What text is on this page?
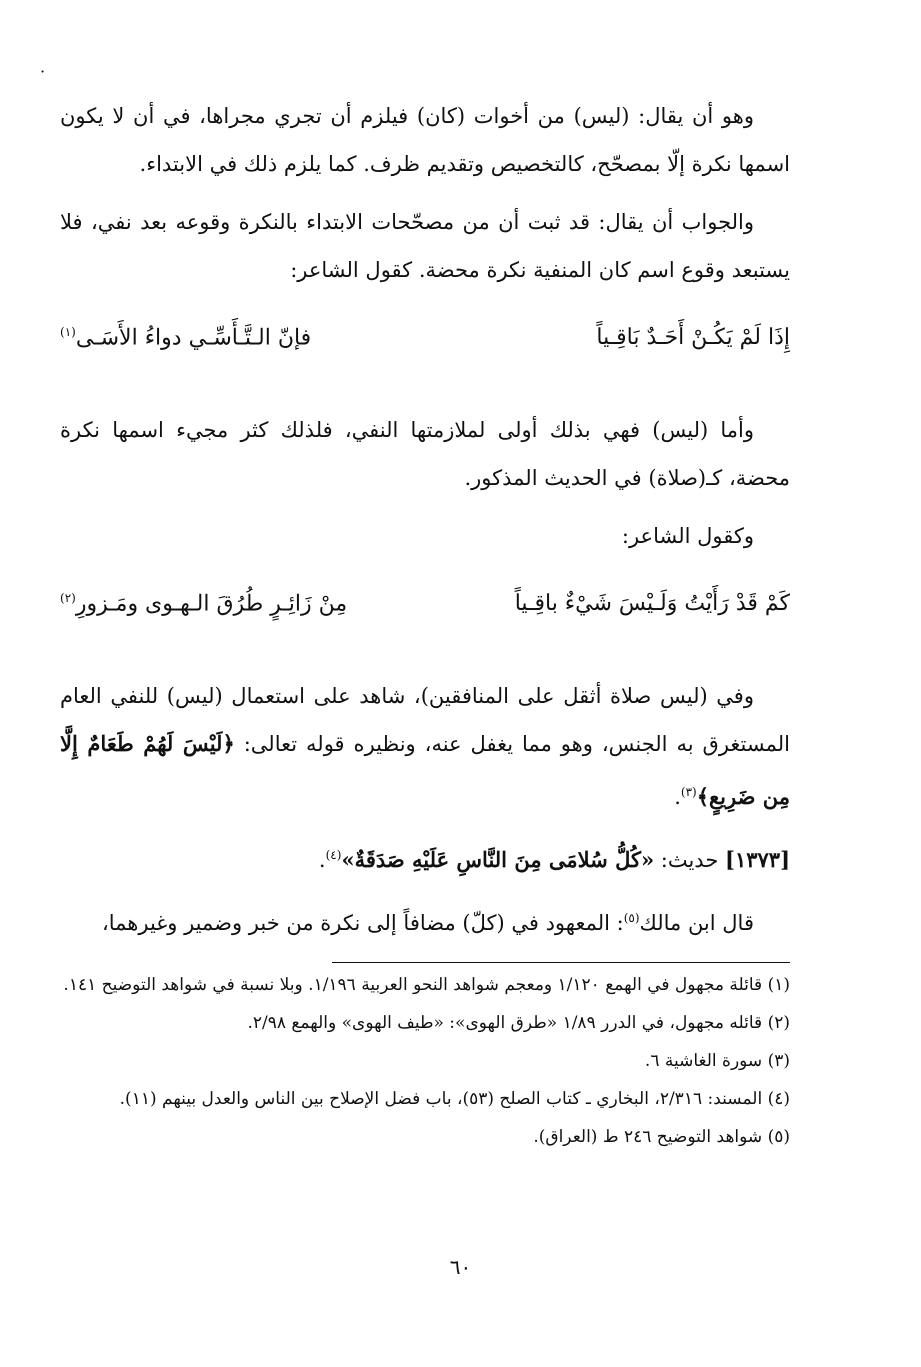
·

وهو أن يقال: (ليس) من أخوات (كان) فيلزم أن تجري مجراها، في أن لا يكون اسمها نكرة إلّا بمصحّح، كالتخصيص وتقديم ظرف. كما يلزم ذلك في الابتداء.

والجواب أن يقال: قد ثبت أن من مصحّحات الابتداء بالنكرة وقوعه بعد نفي، فلا يستبعد وقوع اسم كان المنفية نكرة محضة. كقول الشاعر:

إِذَا لَمْ يَكُـنْ أَحَـدٌ بَاقِـياً
فإنّ الـتَّـأَسِّـي دواءُ الأَسَـى$^{(١)}$

وأما (ليس) فهي بذلك أولى لملازمتها النفي، فلذلك كثر مجيء اسمها نكرة محضة، كـ(صلاة) في الحديث المذكور.

وكقول الشاعر:

كَمْ قَدْ رَأَيْتُ وَلَـيْسَ شَيْءٌ باقِـياً
مِنْ زَائِـرٍ طُرُقَ الـهـوى ومَـزورِ$^{(٢)}$

وفي (ليس صلاة أثقل على المنافقين)، شاهد على استعمال (ليس) للنفي العام المستغرق به الجنس، وهو مما يغفل عنه، ونظيره قوله تعالى: ﴿لَيْسَ لَهُمْ طَعَامٌ إِلَّا مِن ضَرِيعٍ﴾$^{(٣)}$.

[١٣٧٣] حديث: «كُلُّ سُلامَى مِنَ النَّاسِ عَلَيْهِ صَدَقَةٌ»$^{(٤)}$.

قال ابن مالك$^{(٥)}$: المعهود في (كلّ) مضافاً إلى نكرة من خبر وضمير وغيرهما،

(١) قائلة مجهول في الهمع ١/١٢٠ ومعجم شواهد النحو العربية ١/١٩٦. وبلا نسبة في شواهد التوضيح ١٤١.

(٢) قائله مجهول، في الدرر ١/٨٩ «طرق الهوى»: «طيف الهوى» والهمع ٢/٩٨.

(٣) سورة الغاشية ٦.

(٤) المسند: ٢/٣١٦، البخاري ـ كتاب الصلح (٥٣)، باب فضل الإصلاح بين الناس والعدل بينهم (١١).

(٥) شواهد التوضيح ٢٤٦ ط (العراق).

٦٠
